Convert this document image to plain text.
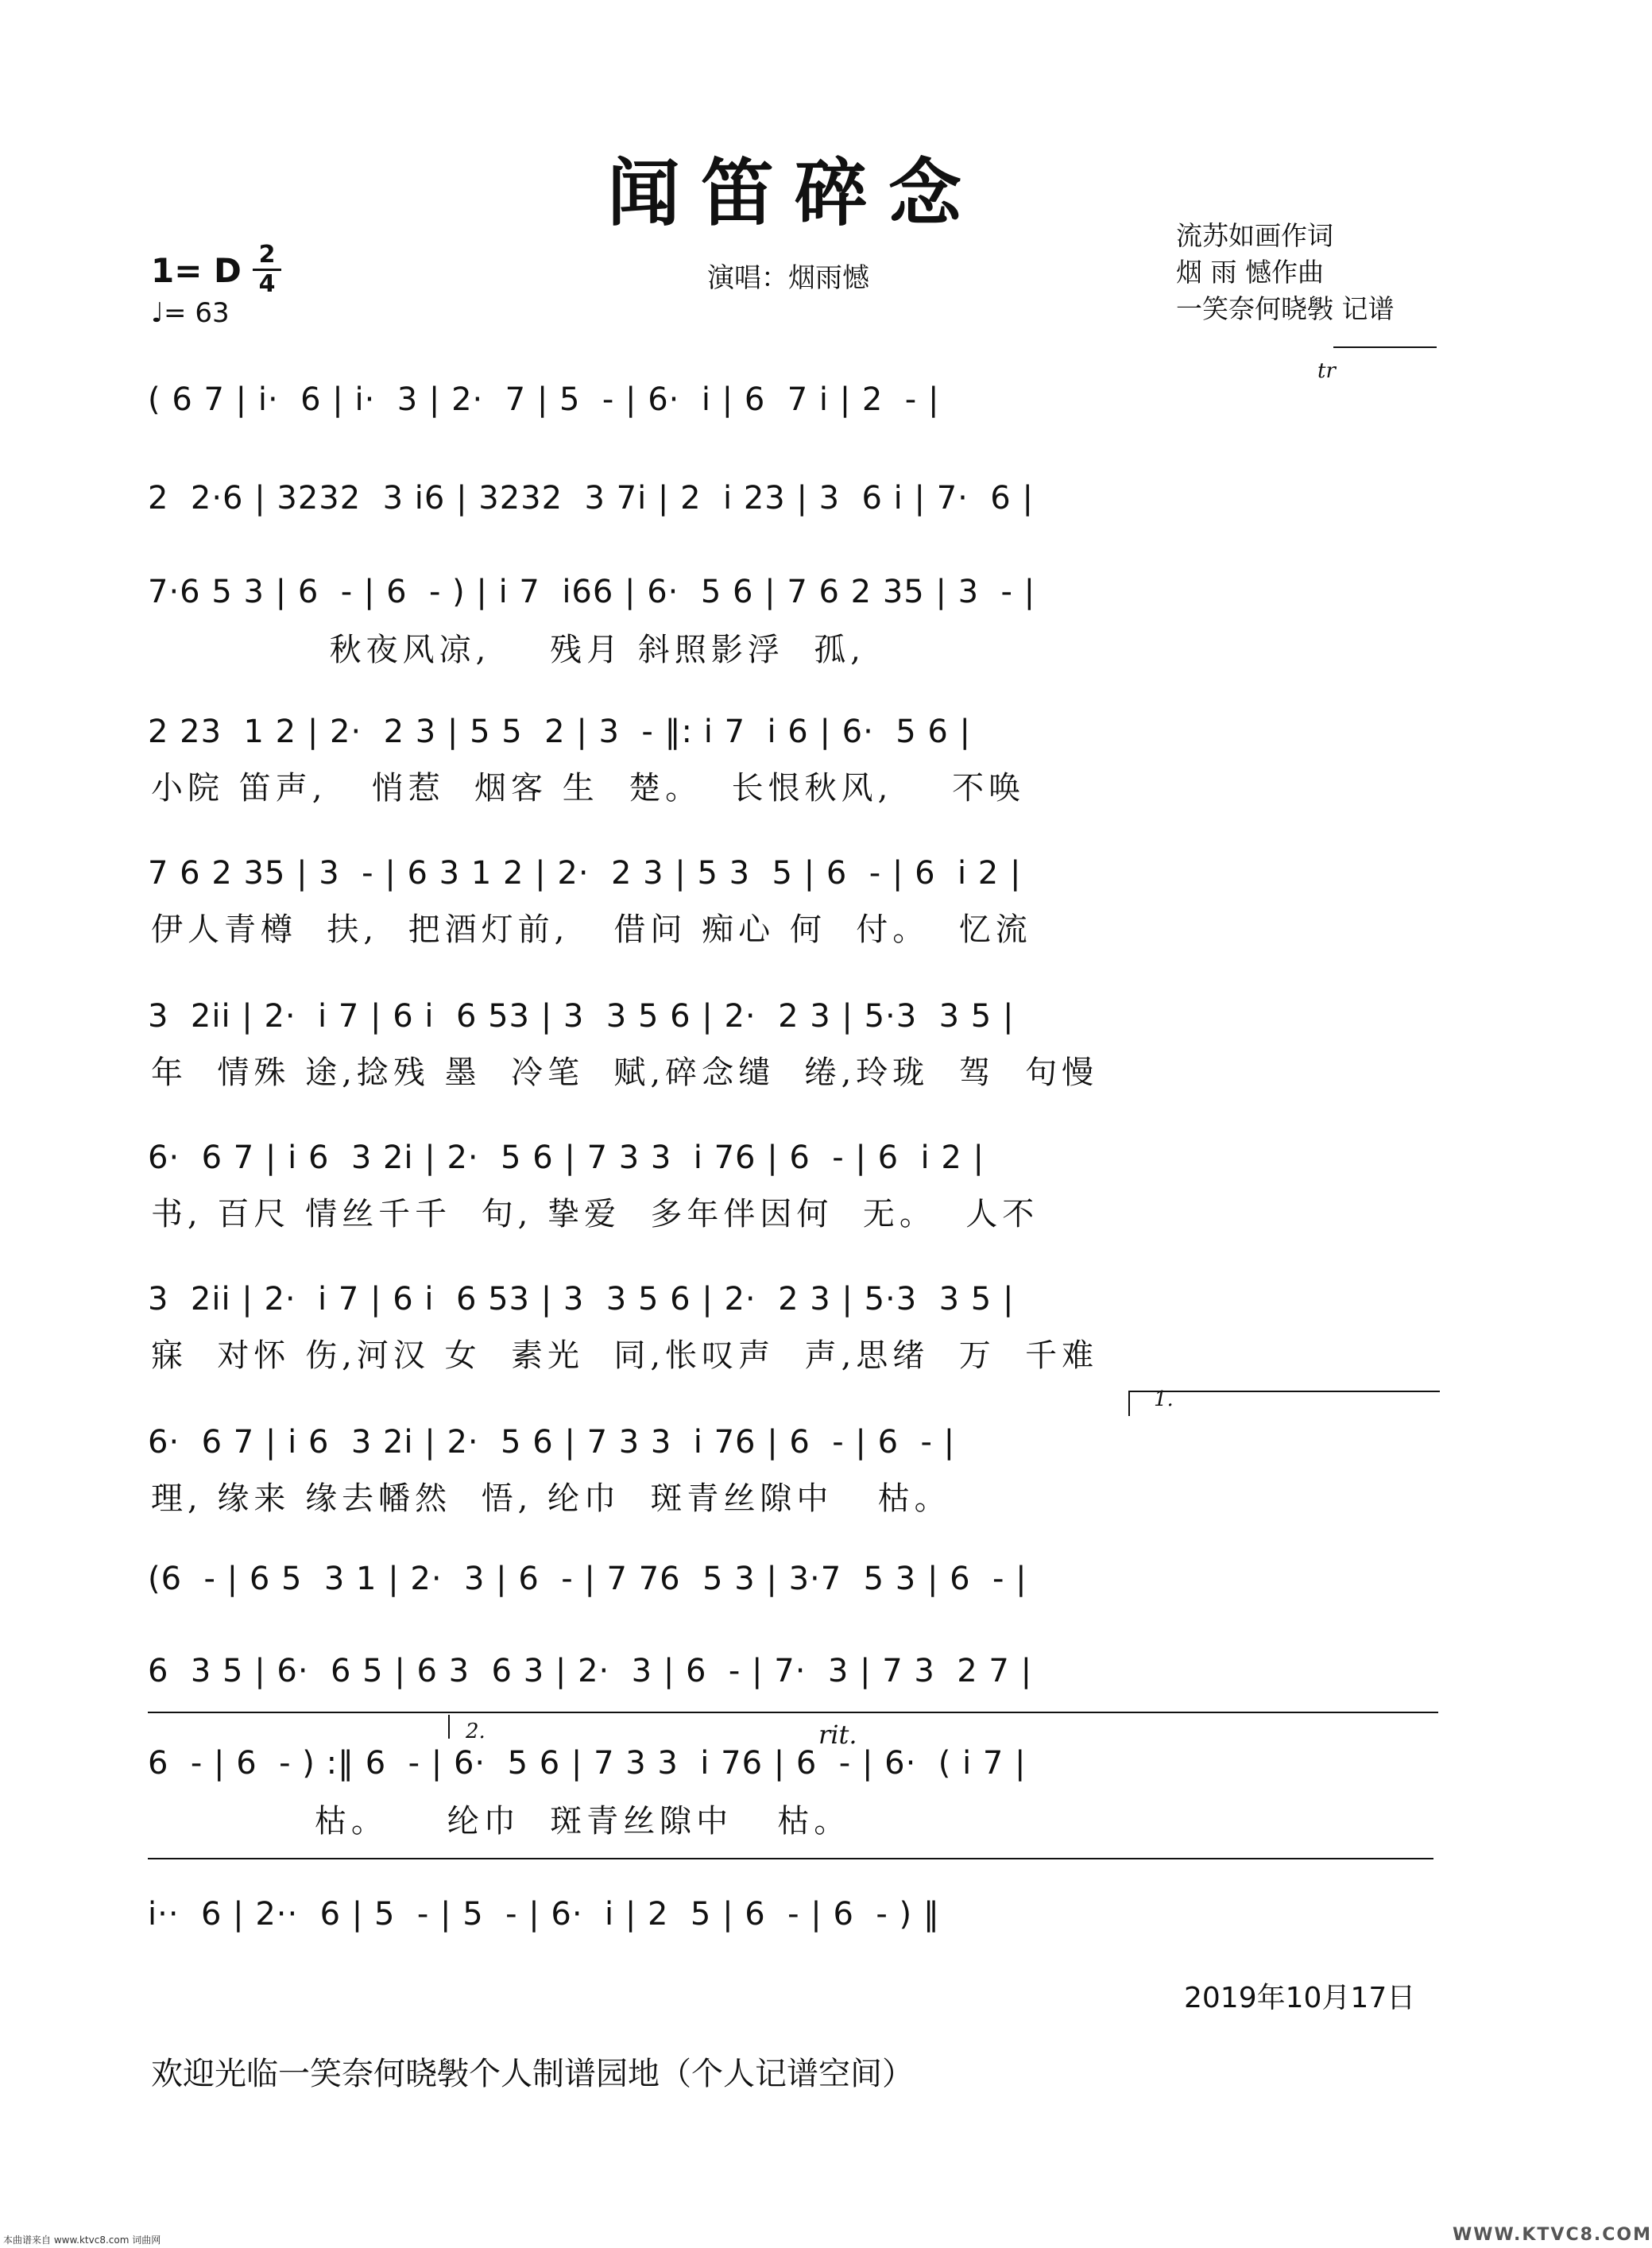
闻笛碎念
1= D 2
4
♩= 63
演唱：烟雨憾
流苏如画作词
烟 雨 憾作曲
一笑奈何晓斅 记谱
tr
1.
2.	rit.
( 6 7 | i·  6 | i·  3 | 2·  7 | 5  - | 6·  i | 6  7 i | 2  - |
2  2·6 | 3232  3 i6 | 3232  3 7i | 2  i 23 | 3  6 i | 7·  6 |
7·6 5 3 | 6  - | 6  - ) | i 7  i66 | 6·  5 6 | 7 6 2 35 | 3  - |
秋夜风凉,    残月 斜照影浮  孤,
2 23  1 2 | 2·  2 3 | 5 5  2 | 3  - ‖: i 7  i 6 | 6·  5 6 |
小院 笛声,   悄惹  烟客 生  楚。  长恨秋风,    不唤
7 6 2 35 | 3  - | 6 3 1 2 | 2·  2 3 | 5 3  5 | 6  - | 6  i 2 |
伊人青樽  扶,  把酒灯前,   借问 痴心 何  付。  忆流
3  2ii | 2·  i 7 | 6 i  6 53 | 3  3 5 6 | 2·  2 3 | 5·3  3 5 |
年  情殊 途,捻残 墨  冷笔  赋,碎念缱  绻,玲珑  驾  句慢
6·  6 7 | i 6  3 2i | 2·  5 6 | 7 3 3  i 76 | 6  - | 6  i 2 |
书, 百尺 情丝千千  句, 挚爱  多年伴因何  无。  人不
3  2ii | 2·  i 7 | 6 i  6 53 | 3  3 5 6 | 2·  2 3 | 5·3  3 5 |
寐  对怀 伤,河汉 女  素光  同,怅叹声  声,思绪  万  千难
6·  6 7 | i 6  3 2i | 2·  5 6 | 7 3 3  i 76 | 6  - | 6  - |
理, 缘来 缘去幡然  悟, 纶巾  斑青丝隙中   枯。
(6  - | 6 5  3 1 | 2·  3 | 6  - | 7 76  5 3 | 3·7  5 3 | 6  - |
6  3 5 | 6·  6 5 | 6 3  6 3 | 2·  3 | 6  - | 7·  3 | 7 3  2 7 |
6  - | 6  - ) :‖ 6  - | 6·  5 6 | 7 3 3  i 76 | 6  - | 6·  ( i 7 |
枯。    纶巾  斑青丝隙中   枯。
i··  6 | 2··  6 | 5  - | 5  - | 6·  i | 2  5 | 6  - | 6  - ) ‖
2019年10月17日
欢迎光临一笑奈何晓斅个人制谱园地（个人记谱空间）
本曲谱来自 www.ktvc8.com 词曲网	WWW.KTVC8.COM
